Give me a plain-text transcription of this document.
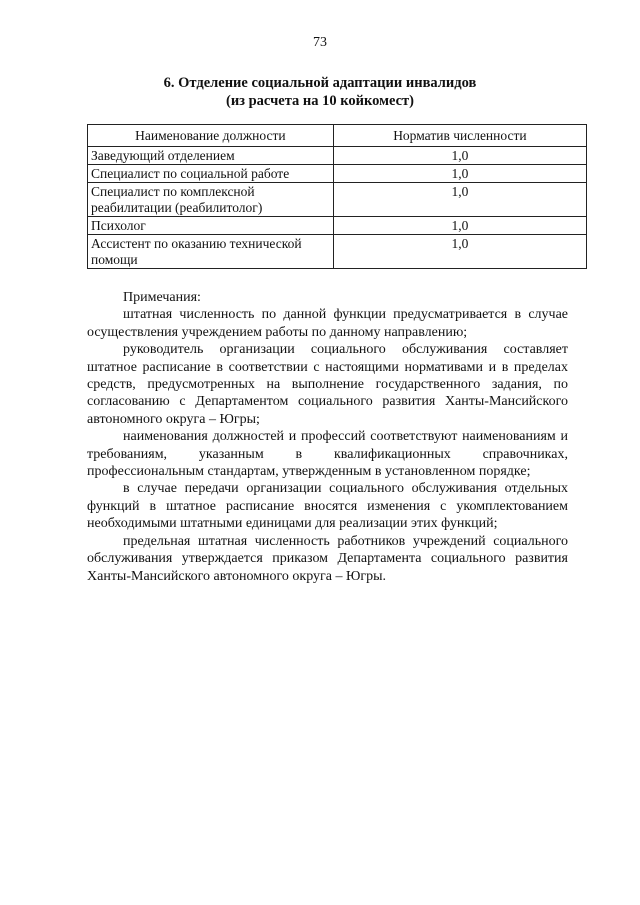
73
6. Отделение социальной адаптации инвалидов
(из расчета на 10 койкомест)
Наименование должности	Норматив численности
Заведующий отделением	1,0
Специалист по социальной работе	1,0
Специалист по комплексной реабилитации (реабилитолог)	1,0
Психолог	1,0
Ассистент по оказанию технической помощи	1,0

Примечания:

штатная численность по данной функции предусматривается в случае осуществления учреждением работы по данному направлению;

руководитель организации социального обслуживания составляет штатное расписание в соответствии с настоящими нормативами и в пределах средств, предусмотренных на выполнение государственного задания, по согласованию с Департаментом социального развития Ханты-Мансийского автономного округа – Югры;

наименования должностей и профессий соответствуют наименованиям и требованиям, указанным в квалификационных справочниках, профессиональным стандартам, утвержденным в установленном порядке;

в случае передачи организации социального обслуживания отдельных функций в штатное расписание вносятся изменения с укомплектованием необходимыми штатными единицами для реализации этих функций;

предельная штатная численность работников учреждений социального обслуживания утверждается приказом Департамента социального развития Ханты-Мансийского автономного округа – Югры.
